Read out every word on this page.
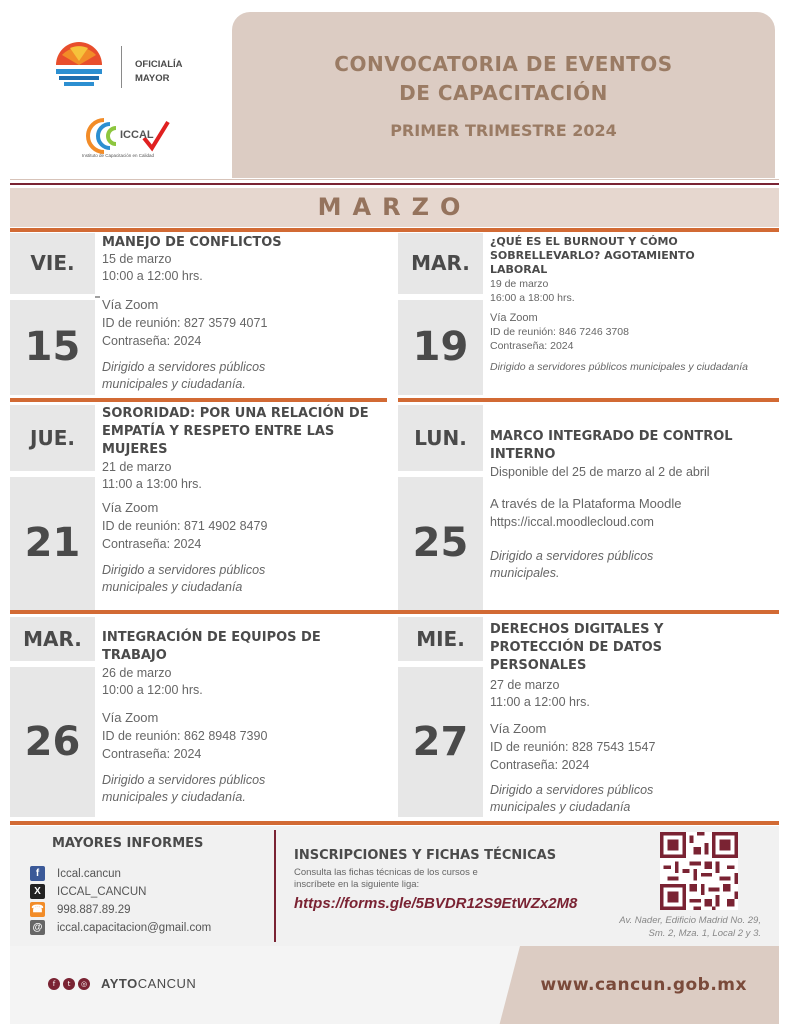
OFICIALÍA
MAYOR
ICCAL
Instituto de Capacitación en Calidad
CONVOCATORIA DE EVENTOS
DE CAPACITACIÓN
PRIMER TRIMESTRE 2024
MARZO
VIE.
15
MANEJO DE CONFLICTOS
15 de marzo
10:00 a 12:00 hrs.
Vía Zoom
ID de reunión: 827 3579 4071
Contraseña: 2024
Dirigido a servidores públicos municipales y ciudadanía.
MAR.
19
¿QUÉ ES EL BURNOUT Y CÓMO SOBRELLEVARLO? AGOTAMIENTO LABORAL
19 de marzo
16:00 a 18:00 hrs.
Vía Zoom
ID de reunión: 846 7246 3708
Contraseña: 2024
Dirigido a servidores públicos municipales y ciudadanía
JUE.
21
SORORIDAD: POR UNA RELACIÓN DE EMPATÍA Y RESPETO ENTRE LAS MUJERES
21 de marzo
11:00 a 13:00 hrs.
Vía Zoom
ID de reunión: 871 4902 8479
Contraseña: 2024
Dirigido a servidores públicos municipales y ciudadanía
LUN.
25
MARCO INTEGRADO DE CONTROL INTERNO
Disponible del 25 de marzo al 2 de abril
A través de la Plataforma Moodle
https://iccal.moodlecloud.com
Dirigido a servidores públicos municipales.
MAR.
26
INTEGRACIÓN DE EQUIPOS DE TRABAJO
26 de marzo
10:00 a 12:00 hrs.
Vía Zoom
ID de reunión: 862 8948 7390
Contraseña: 2024
Dirigido a servidores públicos municipales y ciudadanía.
MIE.
27
DERECHOS DIGITALES Y PROTECCIÓN DE DATOS PERSONALES
27 de marzo
11:00 a 12:00 hrs.
Vía Zoom
ID de reunión: 828 7543 1547
Contraseña: 2024
Dirigido a servidores públicos municipales y ciudadanía
MAYORES INFORMES
f	Iccal.cancun
X	ICCAL_CANCUN
☎ 998.887.89.29
@ iccal.capacitacion@gmail.com
INSCRIPCIONES Y FICHAS TÉCNICAS
Consulta las fichas técnicas de los cursos e inscríbete en la siguiente liga:
https://forms.gle/5BVDR12S9EtWZx2M8
Av. Nader, Edificio Madrid No. 29,
Sm. 2, Mza. 1, Local 2 y 3.
f	t	◎ AYTOCANCUN	www.cancun.gob.mx
